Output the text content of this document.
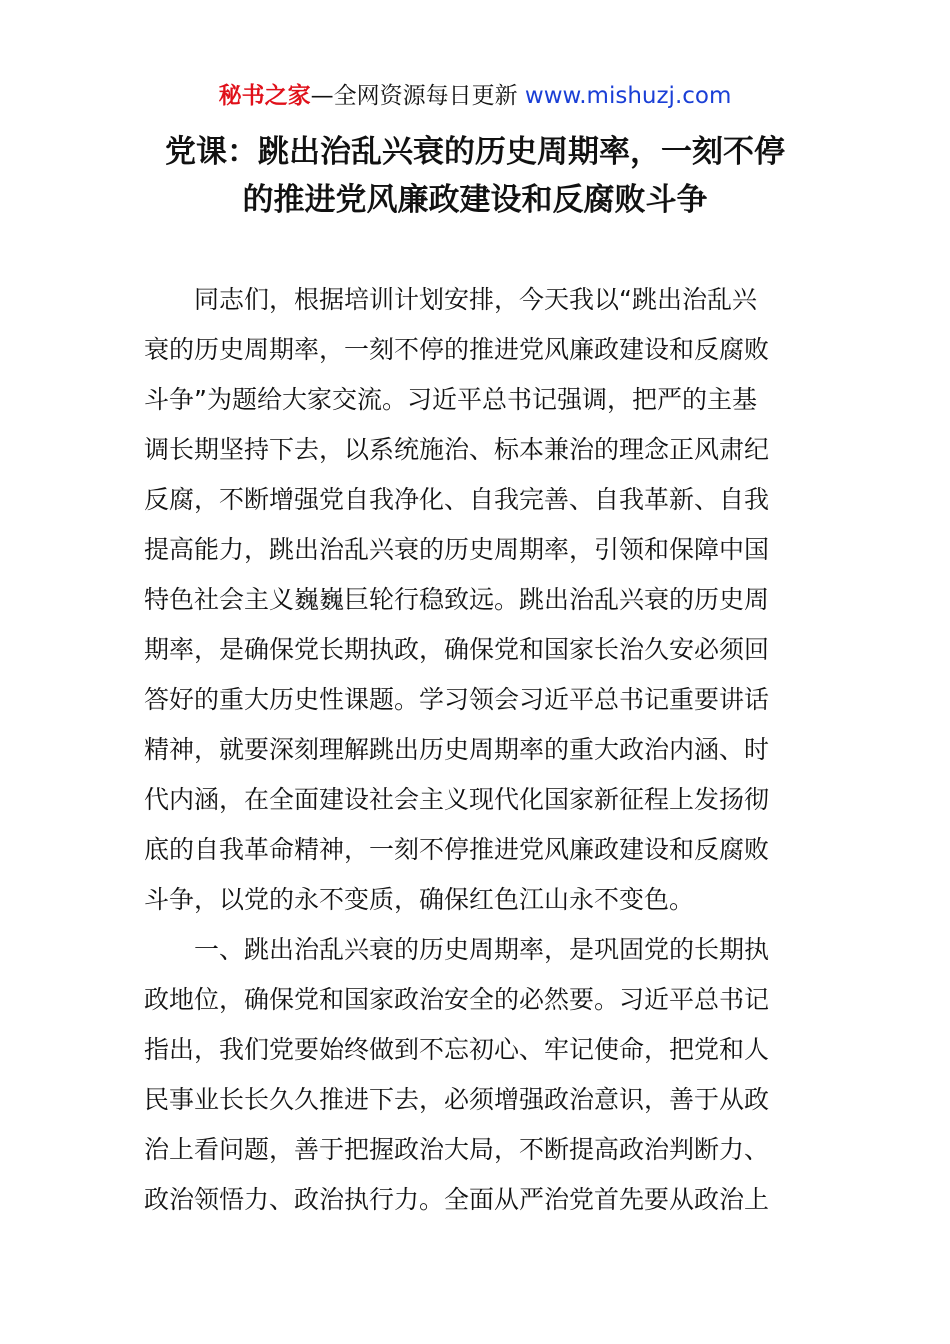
秘书之家—全网资源每日更新 www.mishuzj.com
党课：跳出治乱兴衰的历史周期率，一刻不停
的推进党风廉政建设和反腐败斗争
　　同志们，根据培训计划安排，今天我以“跳出治乱兴
衰的历史周期率，一刻不停的推进党风廉政建设和反腐败
斗争”为题给大家交流。习近平总书记强调，把严的主基
调长期坚持下去，以系统施治、标本兼治的理念正风肃纪
反腐，不断增强党自我净化、自我完善、自我革新、自我
提高能力，跳出治乱兴衰的历史周期率，引领和保障中国
特色社会主义巍巍巨轮行稳致远。跳出治乱兴衰的历史周
期率，是确保党长期执政，确保党和国家长治久安必须回
答好的重大历史性课题。学习领会习近平总书记重要讲话
精神，就要深刻理解跳出历史周期率的重大政治内涵、时
代内涵，在全面建设社会主义现代化国家新征程上发扬彻
底的自我革命精神，一刻不停推进党风廉政建设和反腐败
斗争，以党的永不变质，确保红色江山永不变色。
　　一、跳出治乱兴衰的历史周期率，是巩固党的长期执
政地位，确保党和国家政治安全的必然要。习近平总书记
指出，我们党要始终做到不忘初心、牢记使命，把党和人
民事业长长久久推进下去，必须增强政治意识，善于从政
治上看问题，善于把握政治大局，不断提高政治判断力、
政治领悟力、政治执行力。全面从严治党首先要从政治上
